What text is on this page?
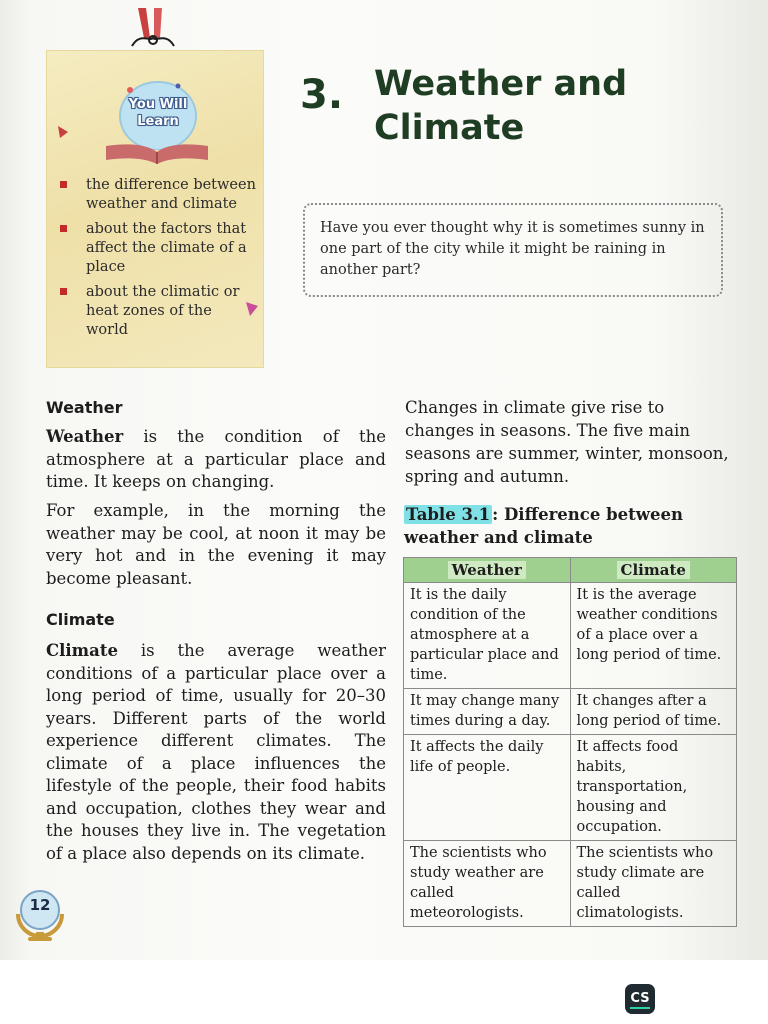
You Will
Learn
the difference between weather and climate
about the factors that affect the climate of a place
about the climatic or heat zones of the world
3. Weather and Climate
Have you ever thought why it is sometimes sunny in one part of the city while it might be raining in another part?
Weather

Weather is the condition of the atmosphere at a particular place and time. It keeps on changing.

For example, in the morning the weather may be cool, at noon it may be very hot and in the evening it may become pleasant.

Climate

Climate is the average weather conditions of a particular place over a long period of time, usually for 20–30 years. Different parts of the world experience different climates. The climate of a place influences the lifestyle of the people, their food habits and occupation, clothes they wear and the houses they live in. The vegetation of a place also depends on its climate.

Changes in climate give rise to changes in seasons. The five main seasons are summer, winter, monsoon, spring and autumn.

Table 3.1 : Difference between weather and climate
Weather	Climate
It is the daily condition of the atmosphere at a particular place and time.	It is the average weather conditions of a place over a long period of time.
It may change many times during a day.	It changes after a long period of time.
It affects the daily life of people.	It affects food habits, transportation, housing and occupation.
The scientists who study weather are called meteorologists.	The scientists who study climate are called climatologists.
12
CS
